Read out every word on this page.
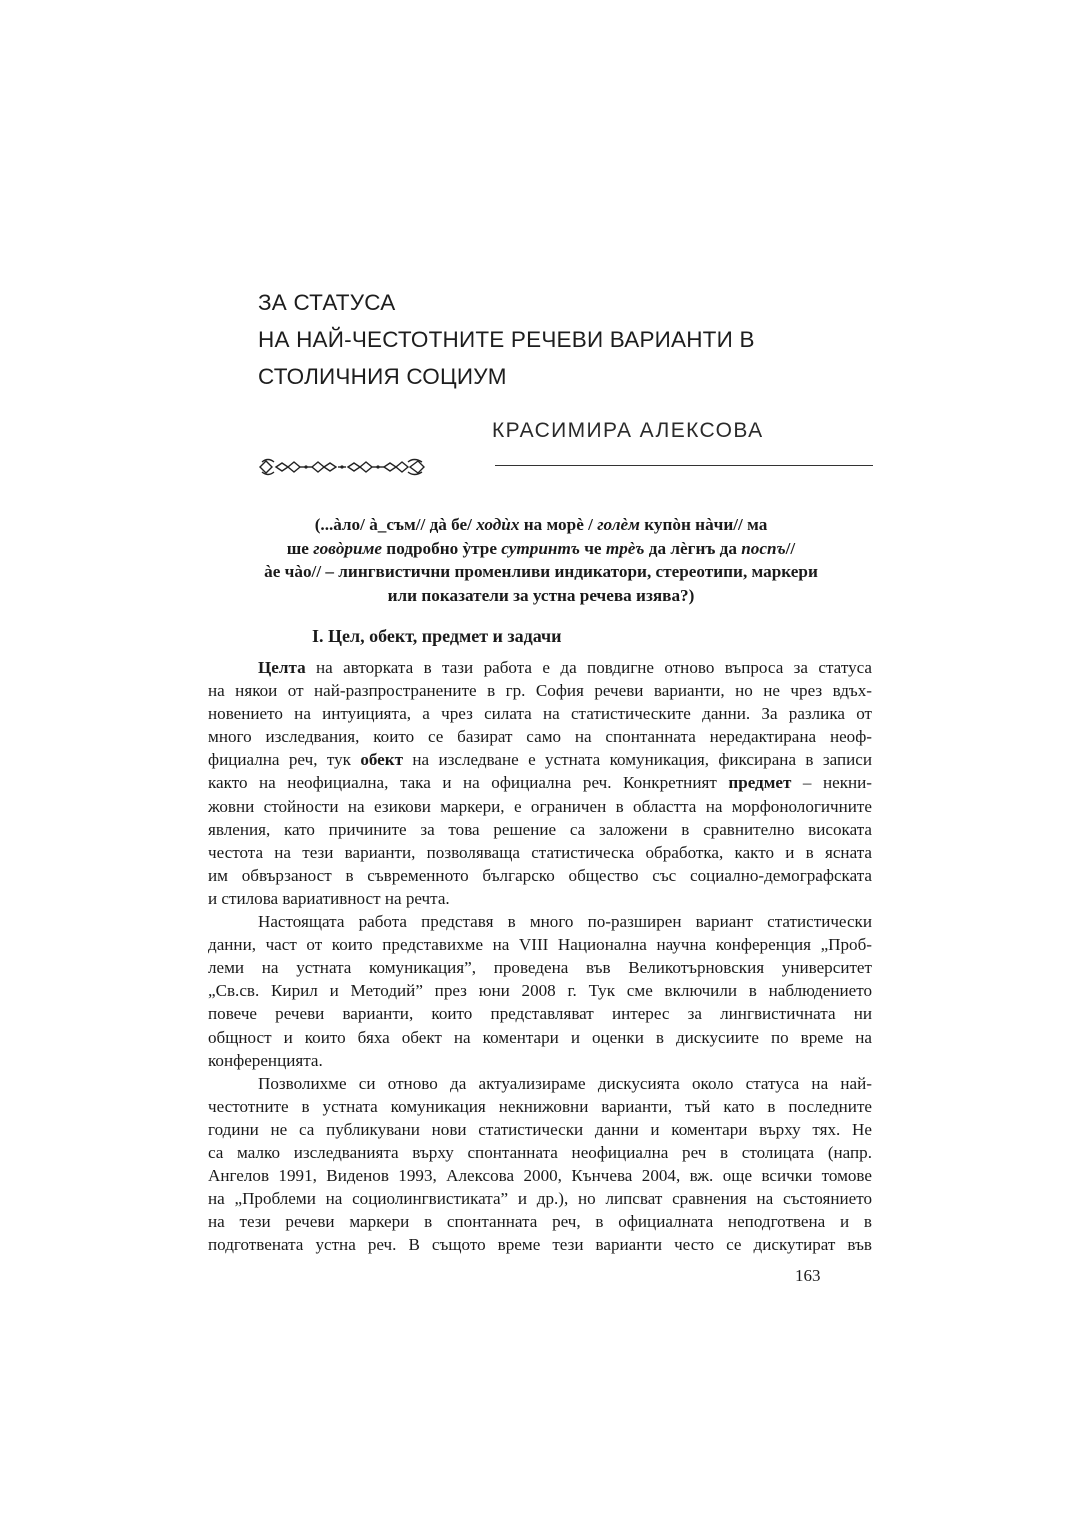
ЗА СТАТУСА
НА НАЙ-ЧЕСТОТНИТЕ РЕЧЕВИ ВАРИАНТИ В
СТОЛИЧНИЯ СОЦИУМ
КРАСИМИРА АЛЕКСОВА
(...àло/ à_съм// дà бе/ ходùх на морè / голèм купòн нàчи// ма
ше говòриме подробно ỳтре сутринтъ че трèъ да лèгнъ да поспъ//
àе чàо// – лингвистични променливи индикатори, стереотипи, маркери
или показатели за устна речева изява?)
I. Цел, обект, предмет и задачи
Целта на авторката в тази работа е да повдигне отново въпроса за статуса
на някои от най-разпространените в гр. София речеви варианти, но не чрез вдъх-
новението на интуицията, а чрез силата на статистическите данни. За разлика от
много изследвания, които се базират само на спонтанната нередактирана неоф-
фициална реч, тук обект на изследване е устната комуникация, фиксирана в записи
както на неофициална, така и на официална реч. Конкретният предмет – некни-
жовни стойности на езикови маркери, е ограничен в областта на морфонологичните
явления, като причините за това решение са заложени в сравнително високата
честота на тези варианти, позволяваща статистическа обработка, както и в ясната
им обвързаност в съвременното българско общество със социално-демографската
и стилова вариативност на речта.
Настоящата работа представя в много по-разширен вариант статистически
данни, част от които представихме на VIII Национална научна конференция „Проб-
леми на устната комуникация”, проведена във Великотърновския университет
„Св.св. Кирил и Методий” през юни 2008 г. Тук сме включили в наблюдението
повече речеви варианти, които представляват интерес за лингвистичната ни
общност и които бяха обект на коментари и оценки в дискусиите по време на
конференцията.
Позволихме си отново да актуализираме дискусията около статуса на най-
честотните в устната комуникация некнижовни варианти, тъй като в последните
години не са публикувани нови статистически данни и коментари върху тях. Не
са малко изследванията върху спонтанната неофициална реч в столицата (напр.
Ангелов 1991, Виденов 1993, Алексова 2000, Кънчева 2004, вж. още всички томове
на „Проблеми на социолингвистиката” и др.), но липсват сравнения на състоянието
на тези речеви маркери в спонтанната реч, в официалната неподготвена и в
подготвената устна реч. В същото време тези варианти често се дискутират във
163
